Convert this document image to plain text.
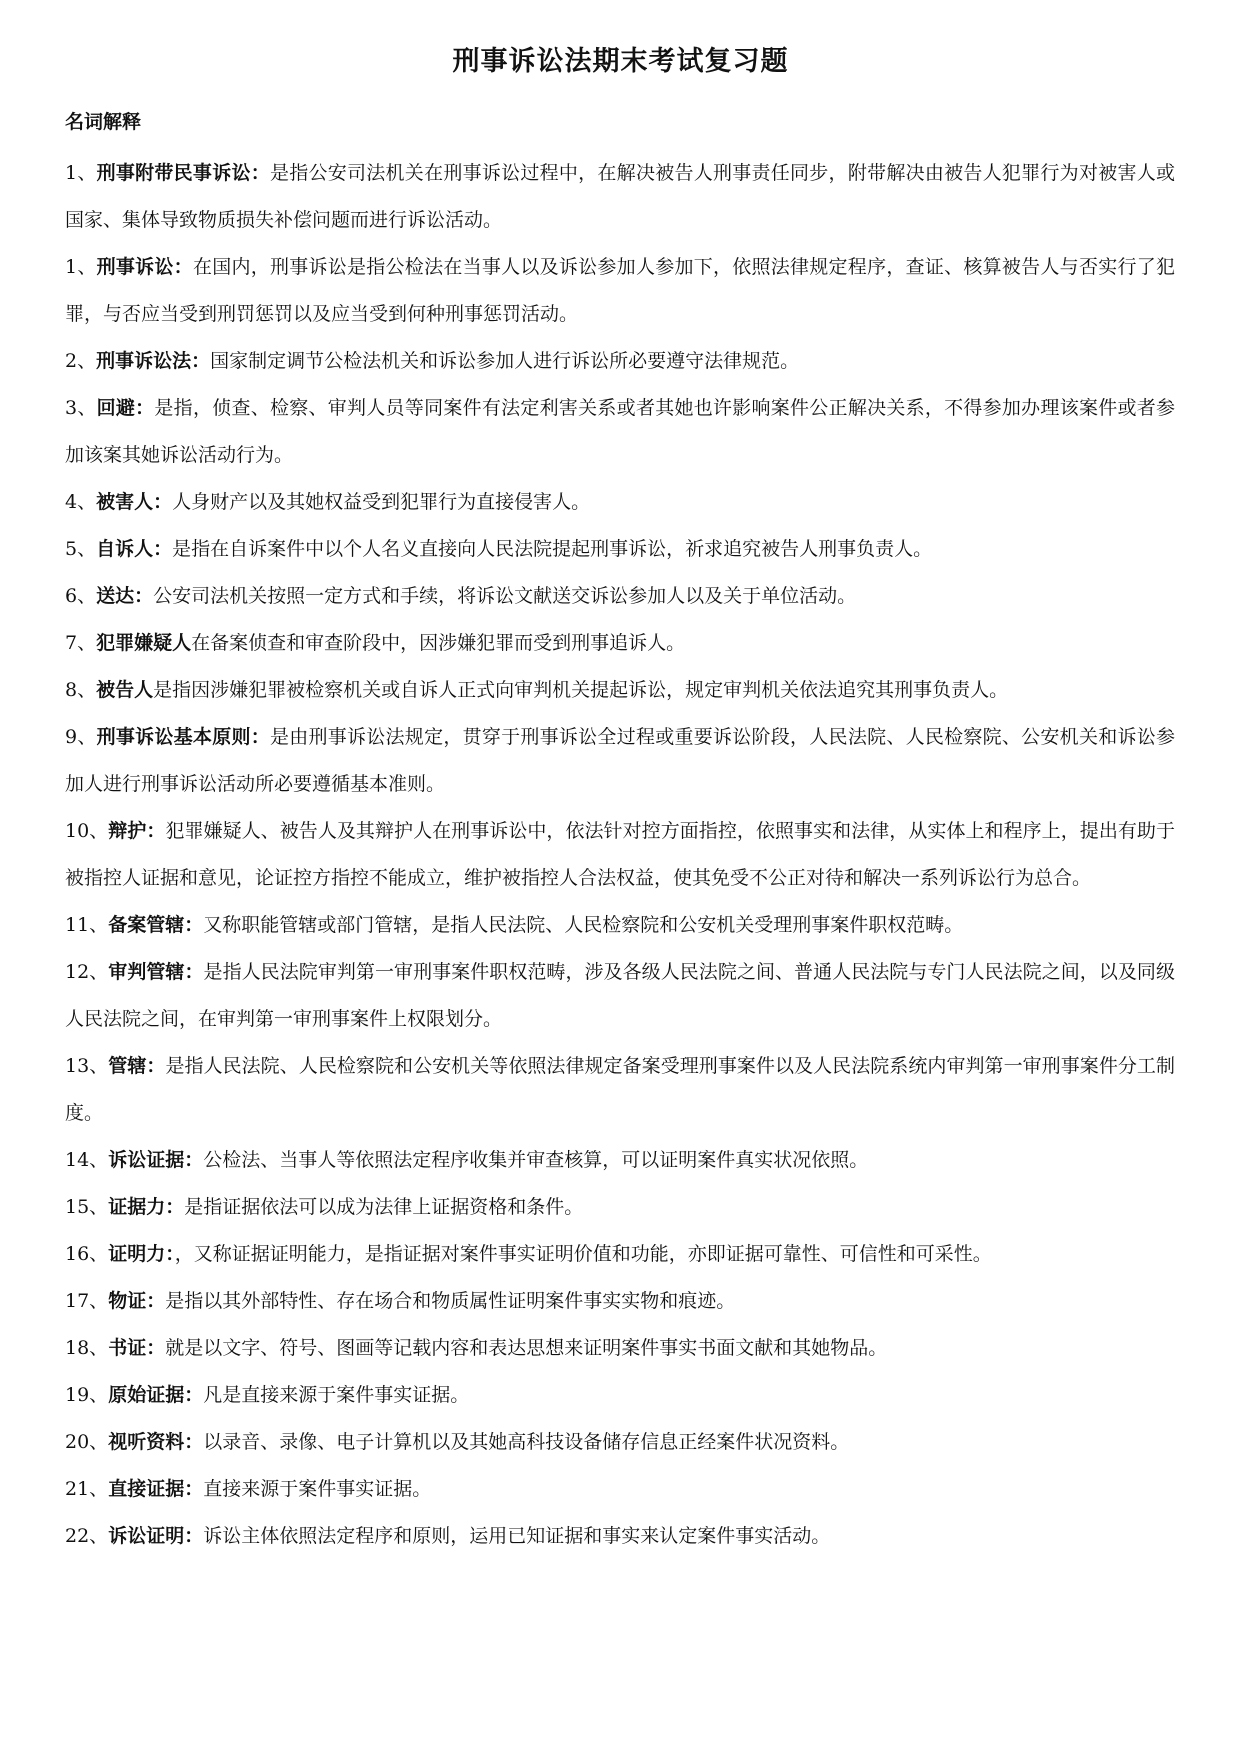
刑事诉讼法期末考试复习题
名词解释

1、刑事附带民事诉讼：是指公安司法机关在刑事诉讼过程中，在解决被告人刑事责任同步，附带解决由被告人犯罪行为对被害人或国家、集体导致物质损失补偿问题而进行诉讼活动。

1、刑事诉讼：在国内，刑事诉讼是指公检法在当事人以及诉讼参加人参加下，依照法律规定程序，查证、核算被告人与否实行了犯罪，与否应当受到刑罚惩罚以及应当受到何种刑事惩罚活动。

2、刑事诉讼法：国家制定调节公检法机关和诉讼参加人进行诉讼所必要遵守法律规范。

3、回避：是指，侦查、检察、审判人员等同案件有法定利害关系或者其她也许影响案件公正解决关系，不得参加办理该案件或者参加该案其她诉讼活动行为。

4、被害人：人身财产以及其她权益受到犯罪行为直接侵害人。

5、自诉人：是指在自诉案件中以个人名义直接向人民法院提起刑事诉讼，祈求追究被告人刑事负责人。

6、送达：公安司法机关按照一定方式和手续，将诉讼文献送交诉讼参加人以及关于单位活动。

7、犯罪嫌疑人在备案侦查和审查阶段中，因涉嫌犯罪而受到刑事追诉人。

8、被告人是指因涉嫌犯罪被检察机关或自诉人正式向审判机关提起诉讼，规定审判机关依法追究其刑事负责人。

9、刑事诉讼基本原则：是由刑事诉讼法规定，贯穿于刑事诉讼全过程或重要诉讼阶段，人民法院、人民检察院、公安机关和诉讼参加人进行刑事诉讼活动所必要遵循基本准则。

10、辩护：犯罪嫌疑人、被告人及其辩护人在刑事诉讼中，依法针对控方面指控，依照事实和法律，从实体上和程序上，提出有助于被指控人证据和意见，论证控方指控不能成立，维护被指控人合法权益，使其免受不公正对待和解决一系列诉讼行为总合。

11、备案管辖：又称职能管辖或部门管辖，是指人民法院、人民检察院和公安机关受理刑事案件职权范畴。

12、审判管辖：是指人民法院审判第一审刑事案件职权范畴，涉及各级人民法院之间、普通人民法院与专门人民法院之间，以及同级人民法院之间，在审判第一审刑事案件上权限划分。

13、管辖：是指人民法院、人民检察院和公安机关等依照法律规定备案受理刑事案件以及人民法院系统内审判第一审刑事案件分工制度。

14、诉讼证据：公检法、当事人等依照法定程序收集并审查核算，可以证明案件真实状况依照。

15、证据力：是指证据依法可以成为法律上证据资格和条件。

16、证明力：，又称证据证明能力，是指证据对案件事实证明价值和功能，亦即证据可靠性、可信性和可采性。

17、物证：是指以其外部特性、存在场合和物质属性证明案件事实实物和痕迹。

18、书证：就是以文字、符号、图画等记载内容和表达思想来证明案件事实书面文献和其她物品。

19、原始证据：凡是直接来源于案件事实证据。

20、视听资料：以录音、录像、电子计算机以及其她高科技设备储存信息正经案件状况资料。

21、直接证据：直接来源于案件事实证据。

22、诉讼证明：诉讼主体依照法定程序和原则，运用已知证据和事实来认定案件事实活动。
